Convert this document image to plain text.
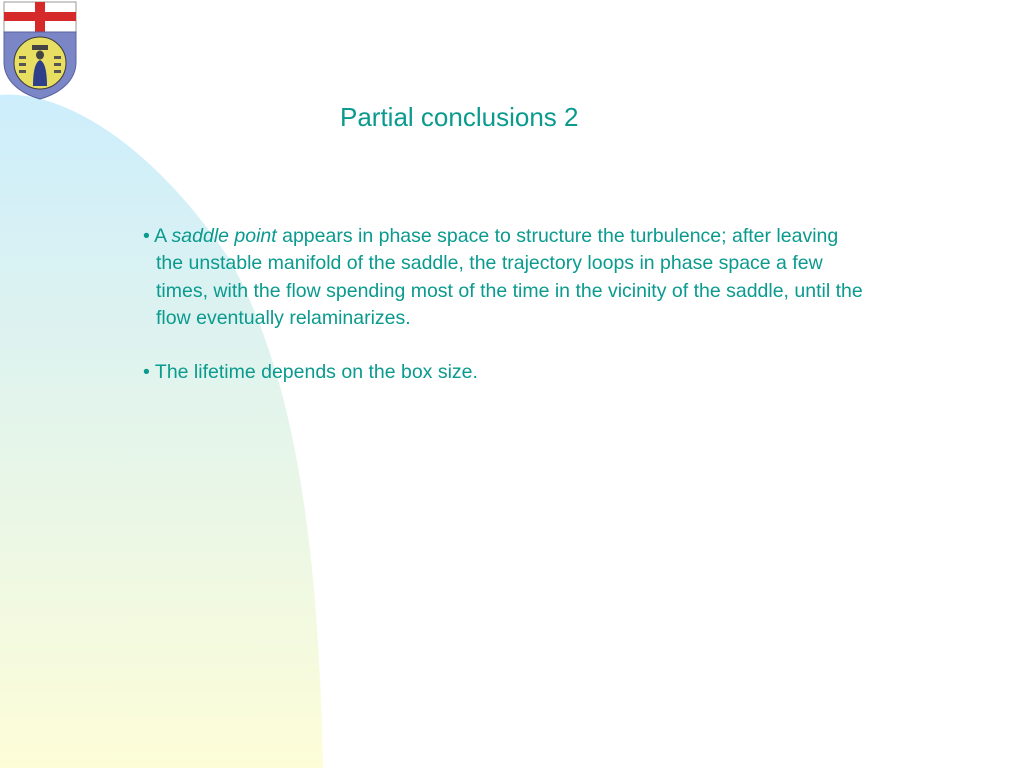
Partial conclusions 2

• A saddle point appears in phase space to structure the turbulence; after leaving the unstable manifold of the saddle, the trajectory loops in phase space a few times, with the flow spending most of the time in the vicinity of the saddle, until the flow eventually relaminarizes.

• The lifetime depends on the box size.
